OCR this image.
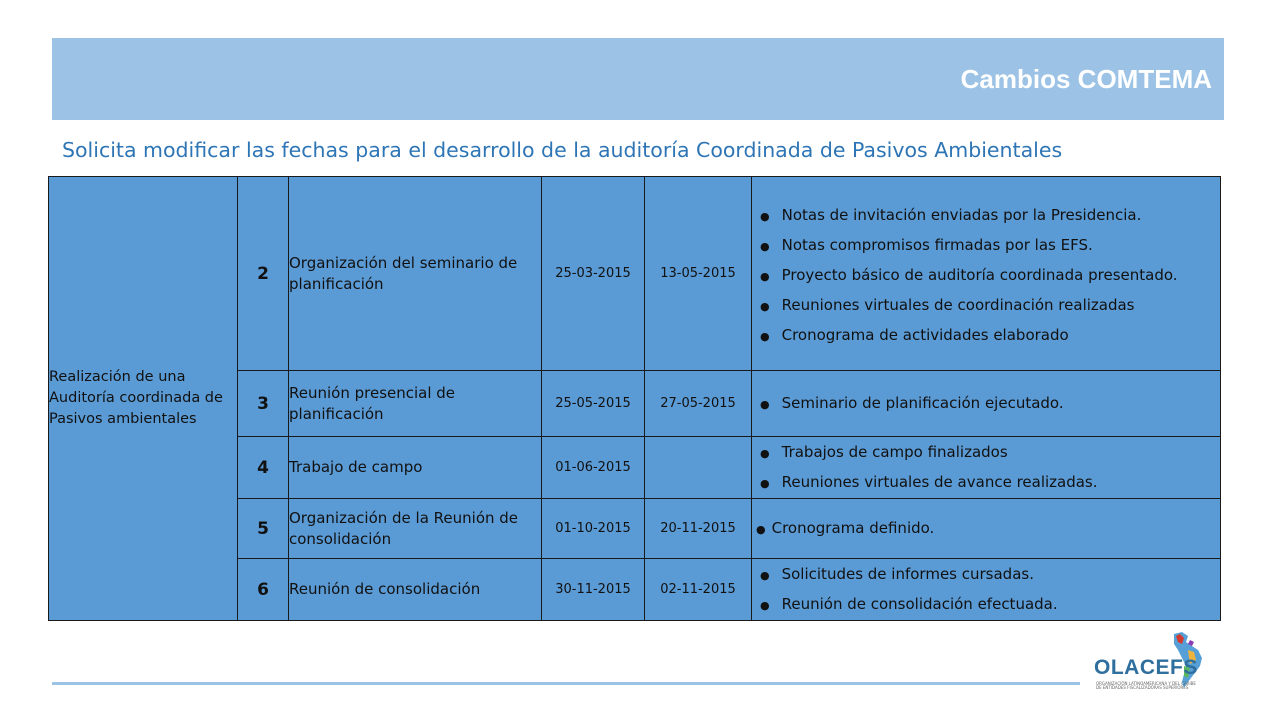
Cambios COMTEMA
Solicita modificar las fechas para el desarrollo de la auditoría Coordinada de Pasivos Ambientales
Realización de una Auditoría coordinada de Pasivos ambientales	2	Organización del seminario de planificación	25-03-2015	13-05-2015	● Notas de invitación enviadas por la Presidencia.
● Notas compromisos firmadas por las EFS.
● Proyecto básico de auditoría coordinada presentado.
● Reuniones virtuales de coordinación realizadas
● Cronograma de actividades elaborado

	3	Reunión presencial de planificación	25-05-2015	27-05-2015	● Seminario de planificación ejecutado.

	4	Trabajo de campo	01-06-2015		● Trabajos de campo finalizados
● Reuniones virtuales de avance realizadas.

	5	Organización de la Reunión de consolidación	01-10-2015	20-11-2015	● Cronograma definido.

	6	Reunión de consolidación	30-11-2015	02-11-2015	● Solicitudes de informes cursadas.
● Reunión de consolidación efectuada.
OLACEFS
ORGANIZACIÓN LATINOAMERICANA Y DEL CARIBE DE ENTIDADES FISCALIZADORAS SUPERIORES
